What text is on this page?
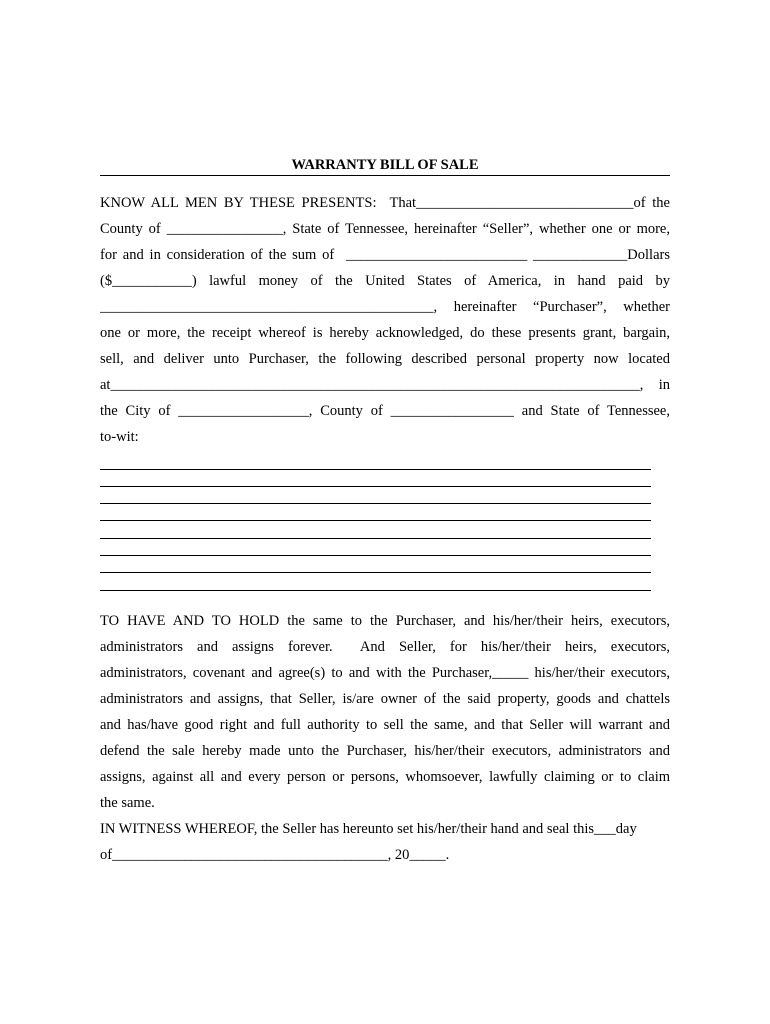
WARRANTY BILL OF SALE
KNOW ALL MEN BY THESE PRESENTS:  That______________________________of the
County of ________________, State of Tennessee, hereinafter “Seller”, whether one or more,
for and in consideration of the sum of  _________________________ _____________Dollars
($___________) lawful money of the United States of America, in hand paid by
______________________________________________, hereinafter “Purchaser”, whether
one or more, the receipt whereof is hereby acknowledged, do these presents grant, bargain,
sell, and deliver unto Purchaser, the following described personal property now located
at_________________________________________________________________________,   in
the City of __________________, County of _________________ and State of Tennessee,
to-wit:
TO HAVE AND TO HOLD the same to the Purchaser, and his/her/their heirs, executors,
administrators and assigns forever.  And Seller, for his/her/their heirs, executors,
administrators, covenant and agree(s) to and with the Purchaser,_____ his/her/their executors,
administrators and assigns, that Seller, is/are owner of the said property, goods and chattels
and has/have good right and full authority to sell the same, and that Seller will warrant and
defend the sale hereby made unto the Purchaser, his/her/their executors, administrators and
assigns, against all and every person or persons, whomsoever, lawfully claiming or to claim
the same.
IN WITNESS WHEREOF, the Seller has hereunto set his/her/their hand and seal this___day
of______________________________________, 20_____.
